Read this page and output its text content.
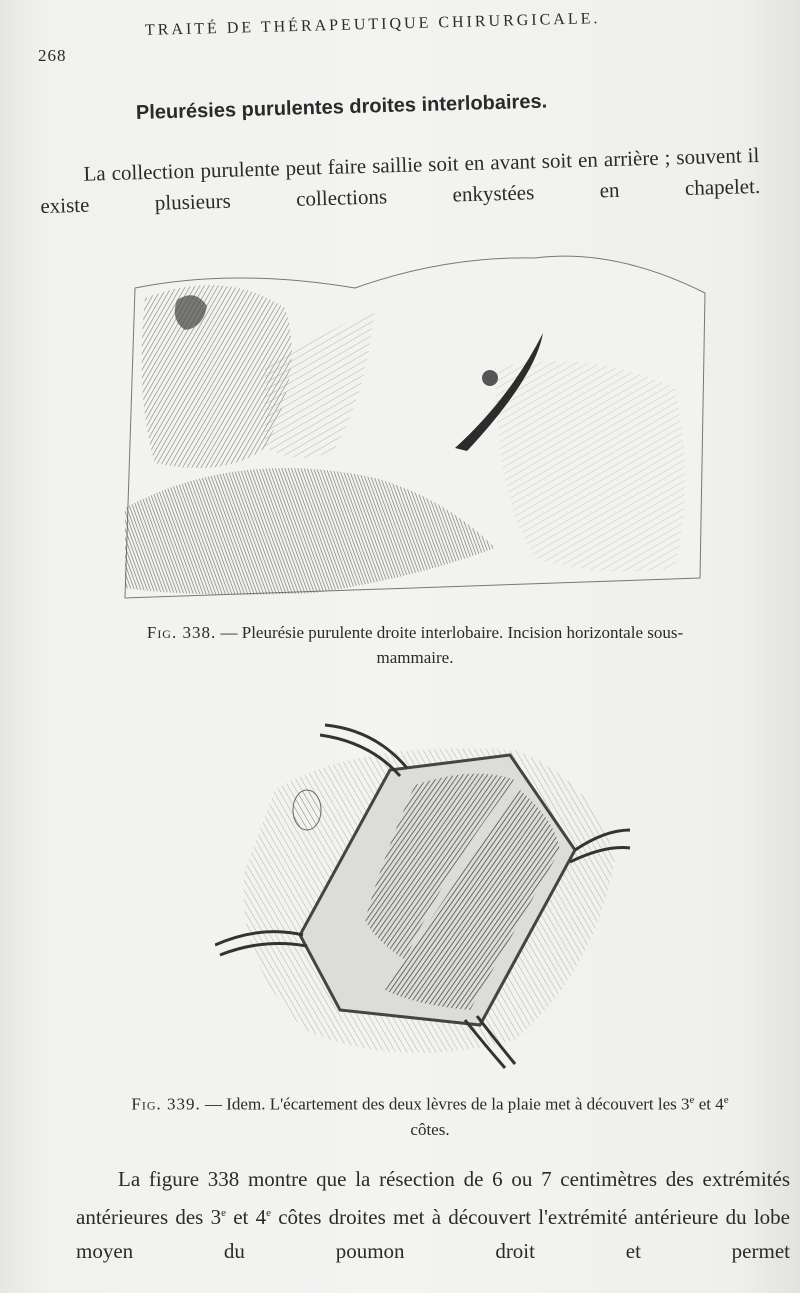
268
TRAITÉ DE THÉRAPEUTIQUE CHIRURGICALE.
Pleurésies purulentes droites interlobaires.
La collection purulente peut faire saillie soit en avant soit en arrière ; souvent il existe plusieurs collections enkystées en chapelet.
Fig. 338. — Pleurésie purulente droite interlobaire. Incision horizontale sous-mammaire.
Fig. 339. — Idem. L'écartement des deux lèvres de la plaie met à découvert les 3e et 4e côtes.
La figure 338 montre que la résection de 6 ou 7 centimètres des extrémités antérieures des 3e et 4e côtes droites met à découvert l'extrémité antérieure du lobe moyen du poumon droit et permet
